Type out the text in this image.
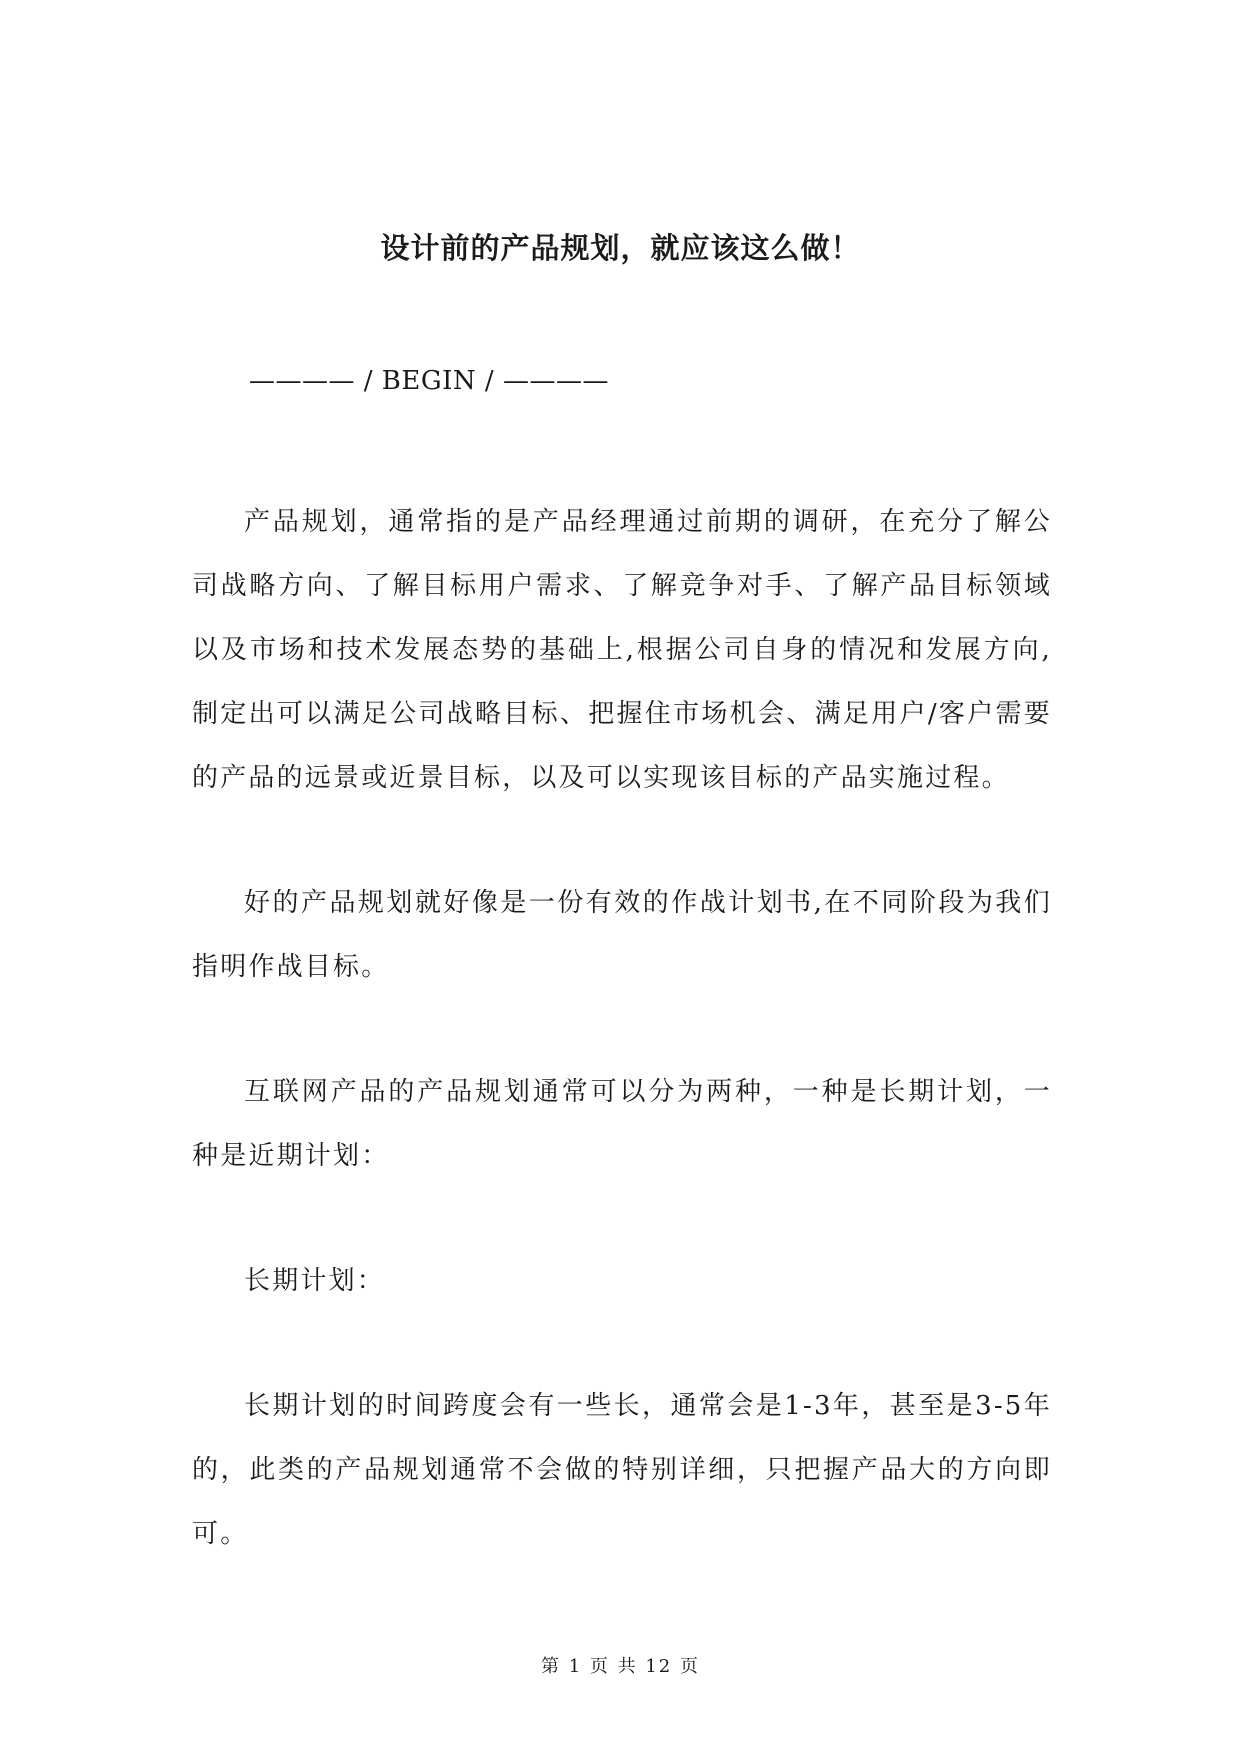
设计前的产品规划，就应该这么做！
———— / BEGIN / ————

产品规划，通常指的是产品经理通过前期的调研，在充分了解公司战略方向、了解目标用户需求、了解竞争对手、了解产品目标领域以及市场和技术发展态势的基础上,根据公司自身的情况和发展方向,制定出可以满足公司战略目标、把握住市场机会、满足用户/客户需要的产品的远景或近景目标，以及可以实现该目标的产品实施过程。

好的产品规划就好像是一份有效的作战计划书,在不同阶段为我们指明作战目标。

互联网产品的产品规划通常可以分为两种，一种是长期计划，一种是近期计划：

长期计划：

长期计划的时间跨度会有一些长，通常会是1-3年，甚至是3-5年的，此类的产品规划通常不会做的特别详细，只把握产品大的方向即可。

第 1 页 共 12 页
